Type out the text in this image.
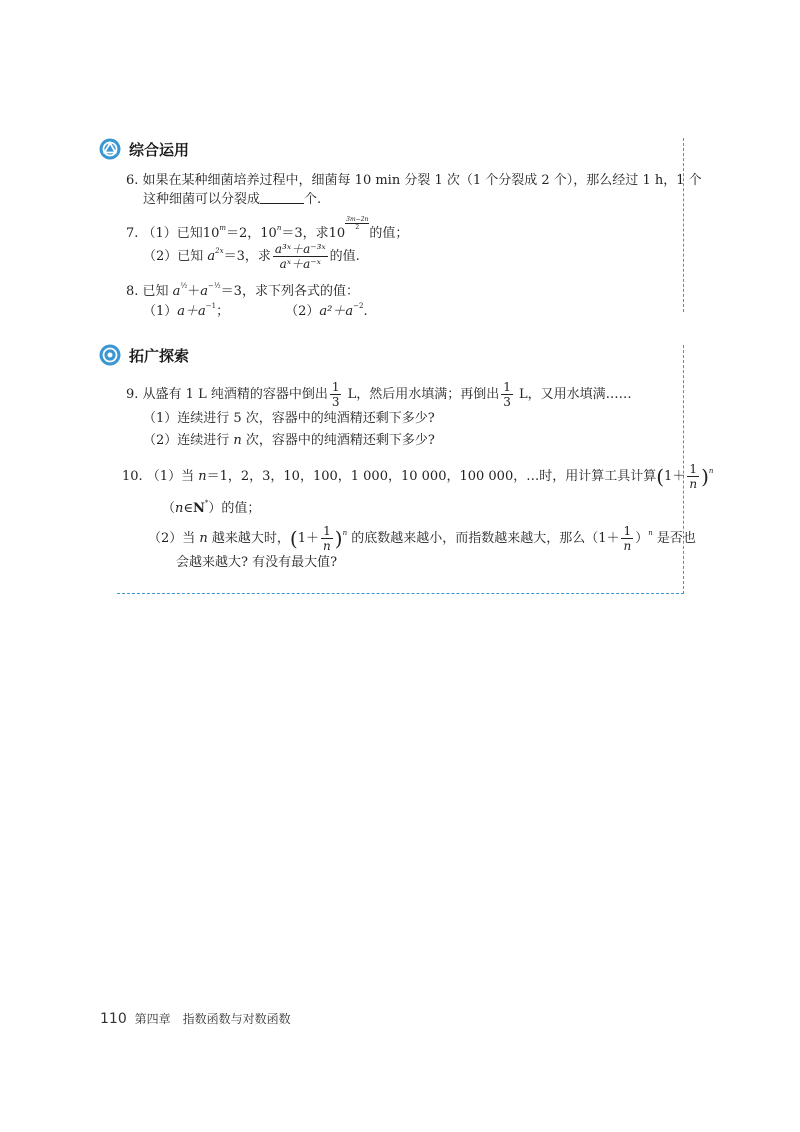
综合运用
6. 如果在某种细菌培养过程中，细菌每 10 min 分裂 1 次（1 个分裂成 2 个），那么经过 1 h，1 个
这种细菌可以分裂成	个.
7. （1）已知$10^m=2$，$10^n=3$，求10
$\frac{3m-2n}{2}$
的值；
（2）已知 $a^{2x}=3$，求 $\frac{\text{a³ˣ＋a⁻³ˣ}}{\text{aˣ＋a⁻ˣ}}$ 的值.
8. 已知 $a^{\frac{1}{2}}+a^{-\frac{1}{2}}=3$，求下列各式的值：
$(1)a+a^{-1}$；	$(2)a^2+a^{-2}$.
拓广探索
9. 从盛有 1 L 纯酒精的容器中倒出 $\frac{1}{3}$ L，然后用水填满；再倒出 $\frac{1}{3}$ L，又用水填满……
（1）连续进行 5 次，容器中的纯酒精还剩下多少?
（2）连续进行 n 次，容器中的纯酒精还剩下多少?
10. （1）当 n＝1，2，3，10，100，1 000，10 000，100 000，…时，用计算工具计算$(1+ \frac{1}{n} )^n$
（n∈N*）的值；
（2）当 n 越来越大时，$(1+ \frac{1}{n} )^n$ 的底数越来越小，而指数越来越大，那么$(1+ \frac{1}{n} )^n$ 是否也
会越来越大? 有没有最大值?
110 第四章　指数函数与对数函数
